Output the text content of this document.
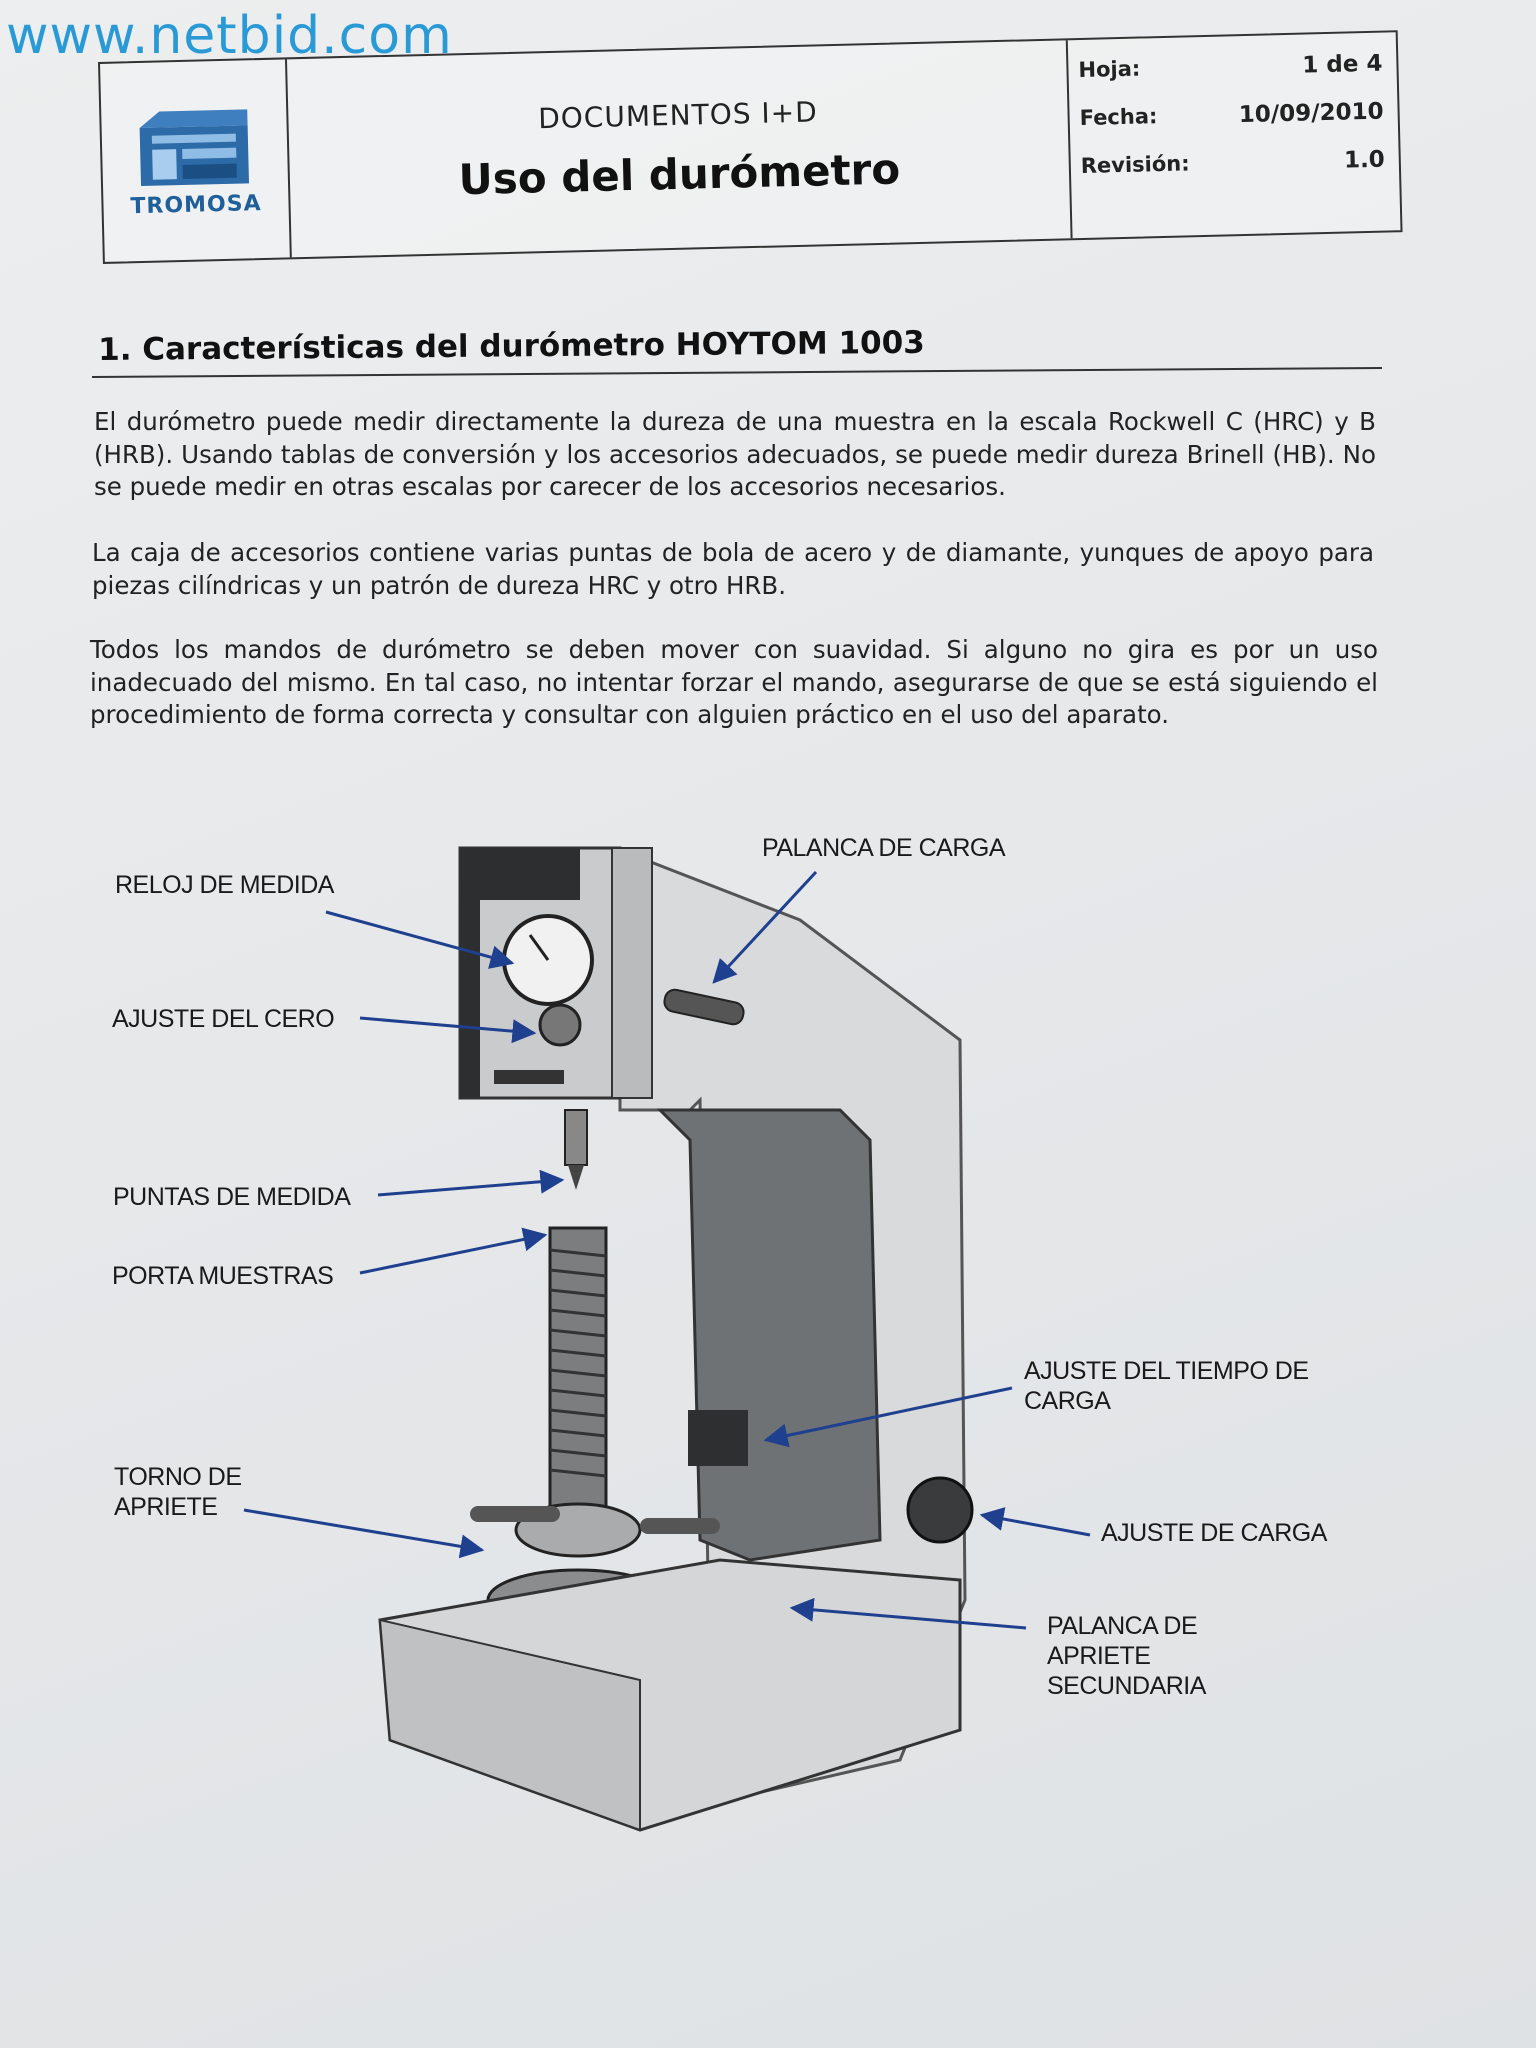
www.netbid.com
TROMOSA
DOCUMENTOS I+D
Uso del durómetro
Hoja:	1 de 4
Fecha:	10/09/2010
Revisión:	1.0
1. Características del durómetro HOYTOM 1003
El durómetro puede medir directamente la dureza de una muestra en la escala Rockwell C (HRC) y B (HRB). Usando tablas de conversión y los accesorios adecuados, se puede medir dureza Brinell (HB). No se puede medir en otras escalas por carecer de los accesorios necesarios.
La caja de accesorios contiene varias puntas de bola de acero y de diamante, yunques de apoyo para piezas cilíndricas y un patrón de dureza HRC y otro HRB.
Todos los mandos de durómetro se deben mover con suavidad. Si alguno no gira es por un uso inadecuado del mismo. En tal caso, no intentar forzar el mando, asegurarse de que se está siguiendo el procedimiento de forma correcta y consultar con alguien práctico en el uso del aparato.
RELOJ DE MEDIDA
AJUSTE DEL CERO
PUNTAS DE MEDIDA
PORTA MUESTRAS
TORNO DE APRIETE
PALANCA DE CARGA
AJUSTE DEL TIEMPO DE CARGA
AJUSTE DE CARGA
PALANCA DE APRIETE SECUNDARIA
